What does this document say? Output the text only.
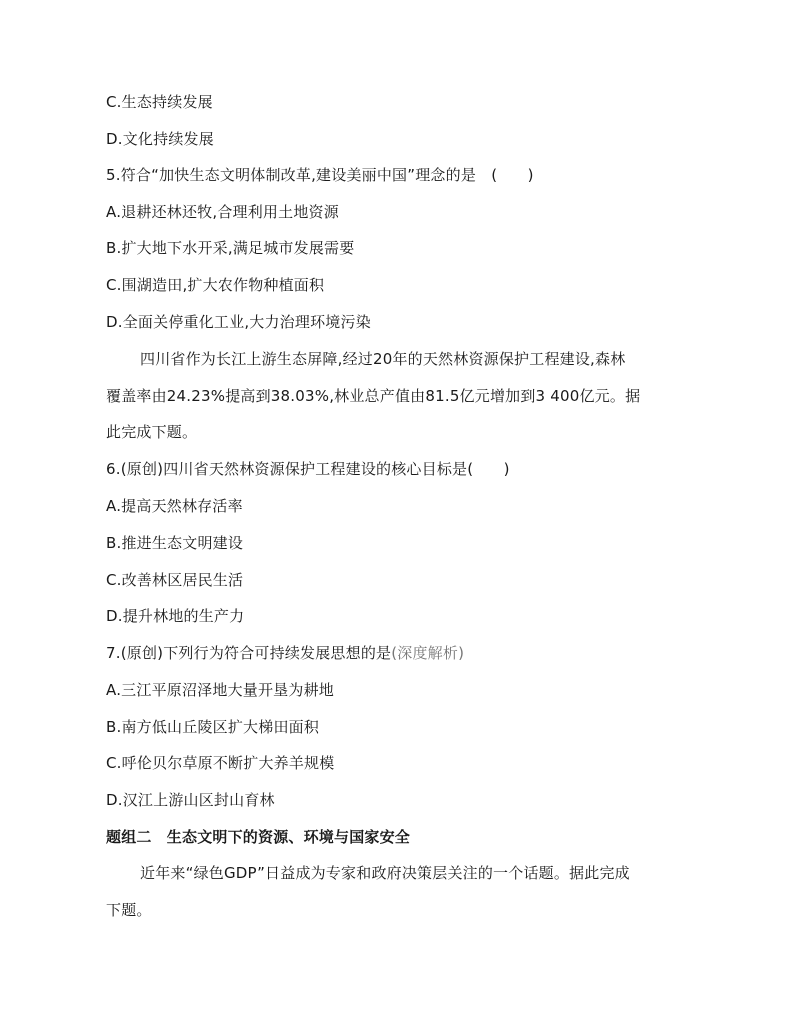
C.生态持续发展
D.文化持续发展
5.符合“加快生态文明体制改革,建设美丽中国”理念的是　(　　)
A.退耕还林还牧,合理利用土地资源
B.扩大地下水开采,满足城市发展需要
C.围湖造田,扩大农作物种植面积
D.全面关停重化工业,大力治理环境污染
四川省作为长江上游生态屏障,经过20年的天然林资源保护工程建设,森林
覆盖率由24.23%提高到38.03%,林业总产值由81.5亿元增加到3 400亿元。据
此完成下题。
6.(原创)四川省天然林资源保护工程建设的核心目标是(　　)
A.提高天然林存活率
B.推进生态文明建设
C.改善林区居民生活
D.提升林地的生产力
7.(原创)下列行为符合可持续发展思想的是(深度解析)
A.三江平原沼泽地大量开垦为耕地
B.南方低山丘陵区扩大梯田面积
C.呼伦贝尔草原不断扩大养羊规模
D.汉江上游山区封山育林
题组二　生态文明下的资源、环境与国家安全
近年来“绿色GDP”日益成为专家和政府决策层关注的一个话题。据此完成
下题。
